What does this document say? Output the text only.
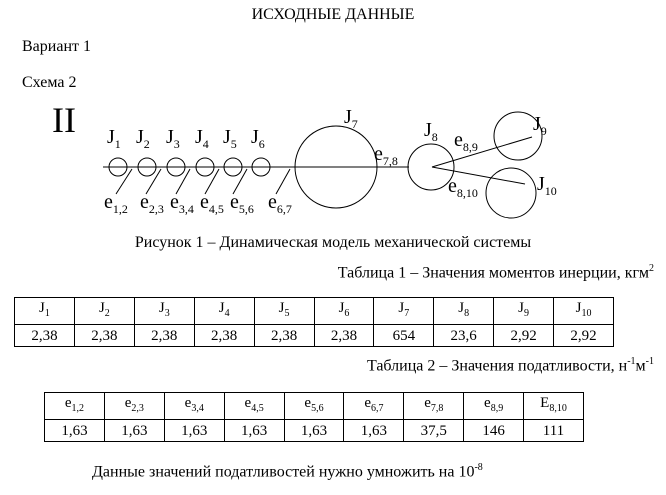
ИСХОДНЫЕ ДАННЫЕ
Вариант 1
Схема 2
II $J_1$ $J_2$ $J_3$ $J_4$ $J_5$ $J_6$
$J_7$	$J_8$
$J_9$
$J_{10}$
$e_{1,2}$ $e_{2,3}$ $e_{3,4}$ $e_{4,5}$ $e_{5,6}$ $e_{6,7}$
$e_{7,8}$
$e_{8,9}$
$e_{8,10}$
Рисунок 1 – Динамическая модель механической системы
Таблица 1 – Значения моментов инерции, кгм$^2$
$J_1$	$J_2$	$J_3$	$J_4$	$J_5$	$J_6$	$J_7$	$J_8$	$J_9$	$J_{10}$
2,38	2,38	2,38	2,38	2,38	2,38	654	23,6	2,92	2,92
Таблица 2 – Значения податливости, $н^{-1}м^{-1}$
$e_{1,2}$	$e_{2,3}$	$e_{3,4}$	$e_{4,5}$	$e_{5,6}$	$e_{6,7}$	$e_{7,8}$	$e_{8,9}$	$E_{8,10}$
1,63	1,63	1,63	1,63	1,63	1,63	37,5	146	111
Данные значений податливостей нужно умножить на $10^{-8}$
